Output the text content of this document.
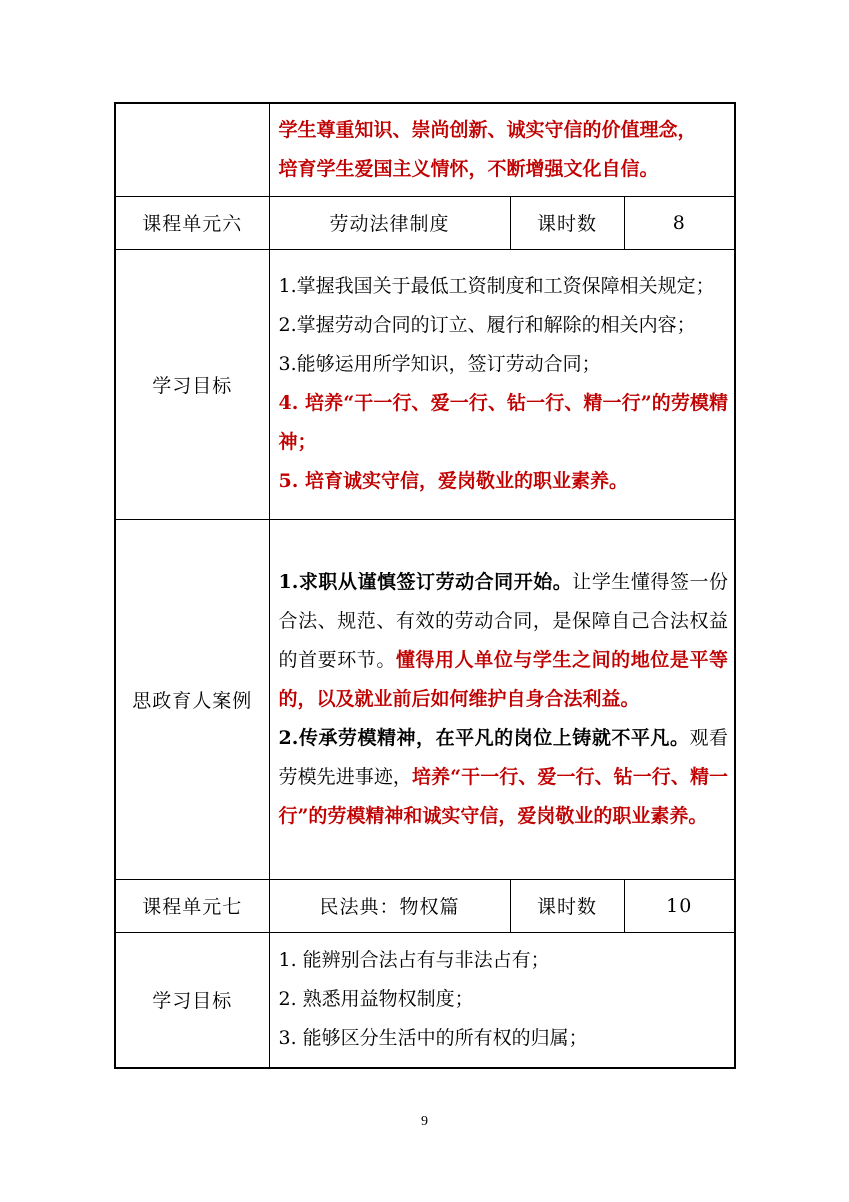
	学生尊重知识、崇尚创新、诚实守信的价值理念，
培育学生爱国主义情怀，不断增强文化自信。		

课程单元六	劳动法律制度	课时数	8
学习目标	1.掌握我国关于最低工资制度和工资保障相关规定；
2.掌握劳动合同的订立、履行和解除的相关内容；
3.能够运用所学知识，签订劳动合同；
4. 培养“干一行、爱一行、钻一行、精一行”的劳模精神；
5. 培育诚实守信，爱岗敬业的职业素养。		

思政育人案例	1.求职从谨慎签订劳动合同开始。让学生懂得签一份合法、规范、有效的劳动合同，是保障自己合法权益的首要环节。懂得用人单位与学生之间的地位是平等的，以及就业前后如何维护自身合法利益。
2.传承劳模精神，在平凡的岗位上铸就不平凡。观看劳模先进事迹，培养“干一行、爱一行、钻一行、精一行”的劳模精神和诚实守信，爱岗敬业的职业素养。		

课程单元七	民法典：物权篇	课时数	10
学习目标	1. 能辨别合法占有与非法占有；
2. 熟悉用益物权制度；
3. 能够区分生活中的所有权的归属；		
9
